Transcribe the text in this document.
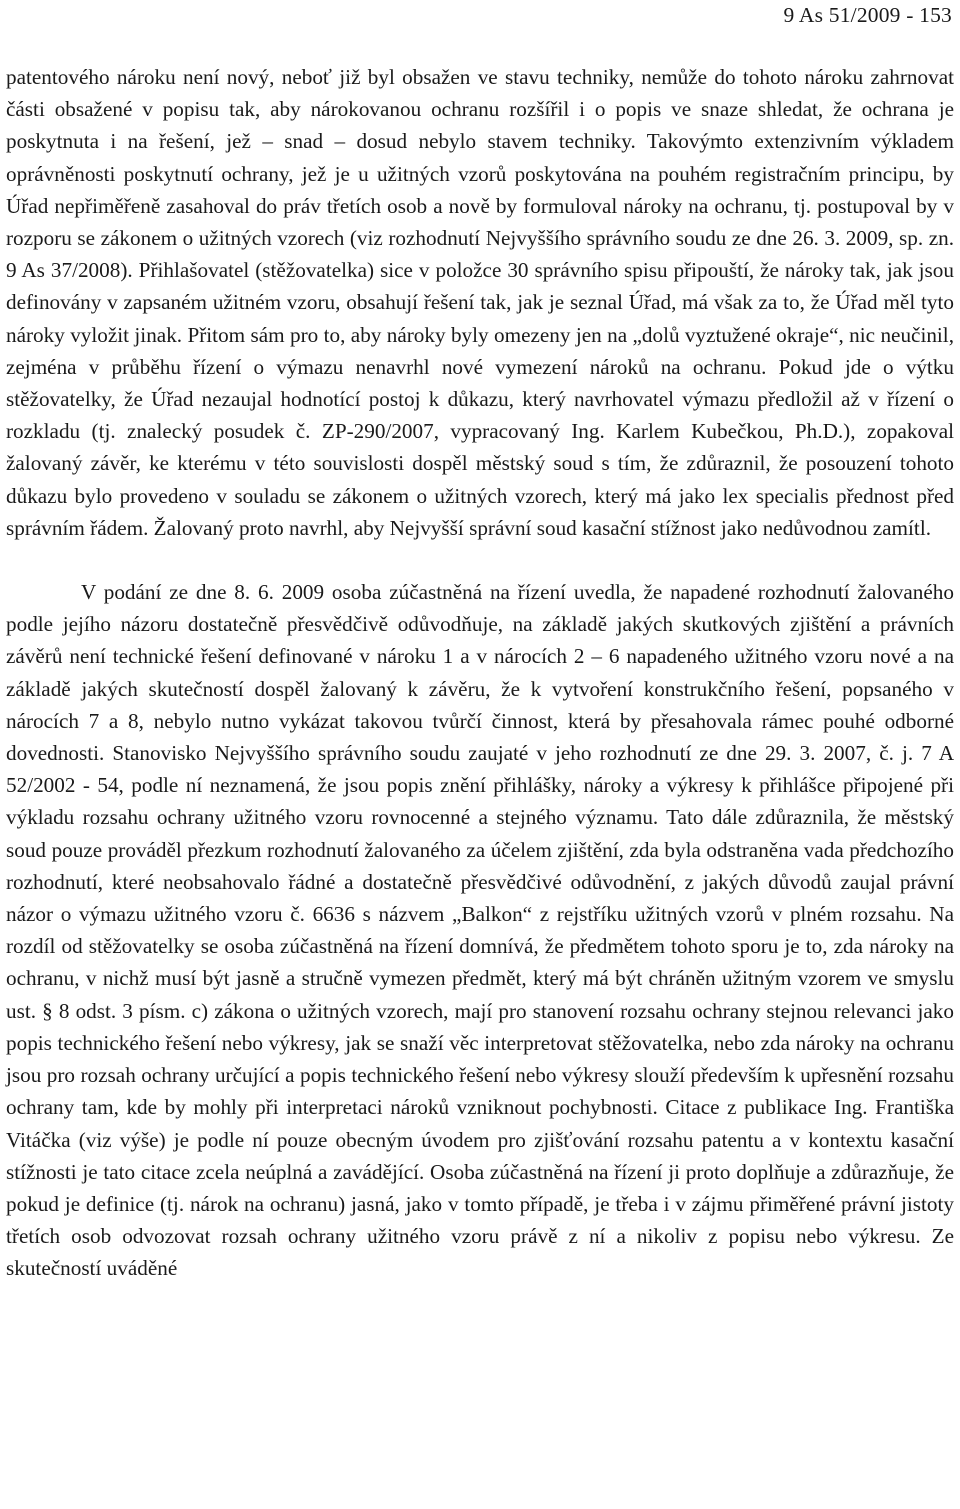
9 As 51/2009 - 153

patentového nároku není nový, neboť již byl obsažen ve stavu techniky, nemůže do tohoto nároku zahrnovat části obsažené v popisu tak, aby nárokovanou ochranu rozšířil i o popis ve snaze shledat, že ochrana je poskytnuta i na řešení, jež – snad – dosud nebylo stavem techniky. Takovýmto extenzivním výkladem oprávněnosti poskytnutí ochrany, jež je u užitných vzorů poskytována na pouhém registračním principu, by Úřad nepřiměřeně zasahoval do práv třetích osob a nově by formuloval nároky na ochranu, tj. postupoval by v rozporu se zákonem o užitných vzorech (viz rozhodnutí Nejvyššího správního soudu ze dne 26. 3. 2009, sp. zn. 9 As 37/2008). Přihlašovatel (stěžovatelka) sice v položce 30 správního spisu připouští, že nároky tak, jak jsou definovány v zapsaném užitném vzoru, obsahují řešení tak, jak je seznal Úřad, má však za to, že Úřad měl tyto nároky vyložit jinak. Přitom sám pro to, aby nároky byly omezeny jen na „dolů vyztužené okraje“, nic neučinil, zejména v průběhu řízení o výmazu nenavrhl nové vymezení nároků na ochranu. Pokud jde o výtku stěžovatelky, že Úřad nezaujal hodnotící postoj k důkazu, který navrhovatel výmazu předložil až v řízení o rozkladu (tj. znalecký posudek č. ZP-290/2007, vypracovaný Ing. Karlem Kubečkou, Ph.D.), zopakoval žalovaný závěr, ke kterému v této souvislosti dospěl městský soud s tím, že zdůraznil, že posouzení tohoto důkazu bylo provedeno v souladu se zákonem o užitných vzorech, který má jako lex specialis přednost před správním řádem. Žalovaný proto navrhl, aby Nejvyšší správní soud kasační stížnost jako nedůvodnou zamítl.

V podání ze dne 8. 6. 2009 osoba zúčastněná na řízení uvedla, že napadené rozhodnutí žalovaného podle jejího názoru dostatečně přesvědčivě odůvodňuje, na základě jakých skutkových zjištění a právních závěrů není technické řešení definované v nároku 1 a v nárocích 2 – 6 napadeného užitného vzoru nové a na základě jakých skutečností dospěl žalovaný k závěru, že k vytvoření konstrukčního řešení, popsaného v nárocích 7 a 8, nebylo nutno vykázat takovou tvůrčí činnost, která by přesahovala rámec pouhé odborné dovednosti. Stanovisko Nejvyššího správního soudu zaujaté v jeho rozhodnutí ze dne 29. 3. 2007, č. j. 7 A 52/2002 - 54, podle ní neznamená, že jsou popis znění přihlášky, nároky a výkresy k přihlášce připojené při výkladu rozsahu ochrany užitného vzoru rovnocenné a stejného významu. Tato dále zdůraznila, že městský soud pouze prováděl přezkum rozhodnutí žalovaného za účelem zjištění, zda byla odstraněna vada předchozího rozhodnutí, které neobsahovalo řádné a dostatečně přesvědčivé odůvodnění, z jakých důvodů zaujal právní názor o výmazu užitného vzoru č. 6636 s názvem „Balkon“ z rejstříku užitných vzorů v plném rozsahu. Na rozdíl od stěžovatelky se osoba zúčastněná na řízení domnívá, že předmětem tohoto sporu je to, zda nároky na ochranu, v nichž musí být jasně a stručně vymezen předmět, který má být chráněn užitným vzorem ve smyslu ust. § 8 odst. 3 písm. c) zákona o užitných vzorech, mají pro stanovení rozsahu ochrany stejnou relevanci jako popis technického řešení nebo výkresy, jak se snaží věc interpretovat stěžovatelka, nebo zda nároky na ochranu jsou pro rozsah ochrany určující a popis technického řešení nebo výkresy slouží především k upřesnění rozsahu ochrany tam, kde by mohly při interpretaci nároků vzniknout pochybnosti. Citace z publikace Ing. Františka Vitáčka (viz výše) je podle ní pouze obecným úvodem pro zjišťování rozsahu patentu a v kontextu kasační stížnosti je tato citace zcela neúplná a zavádějící. Osoba zúčastněná na řízení ji proto doplňuje a zdůrazňuje, že pokud je definice (tj. nárok na ochranu) jasná, jako v tomto případě, je třeba i v zájmu přiměřené právní jistoty třetích osob odvozovat rozsah ochrany užitného vzoru právě z ní a nikoliv z popisu nebo výkresu. Ze skutečností uváděné
